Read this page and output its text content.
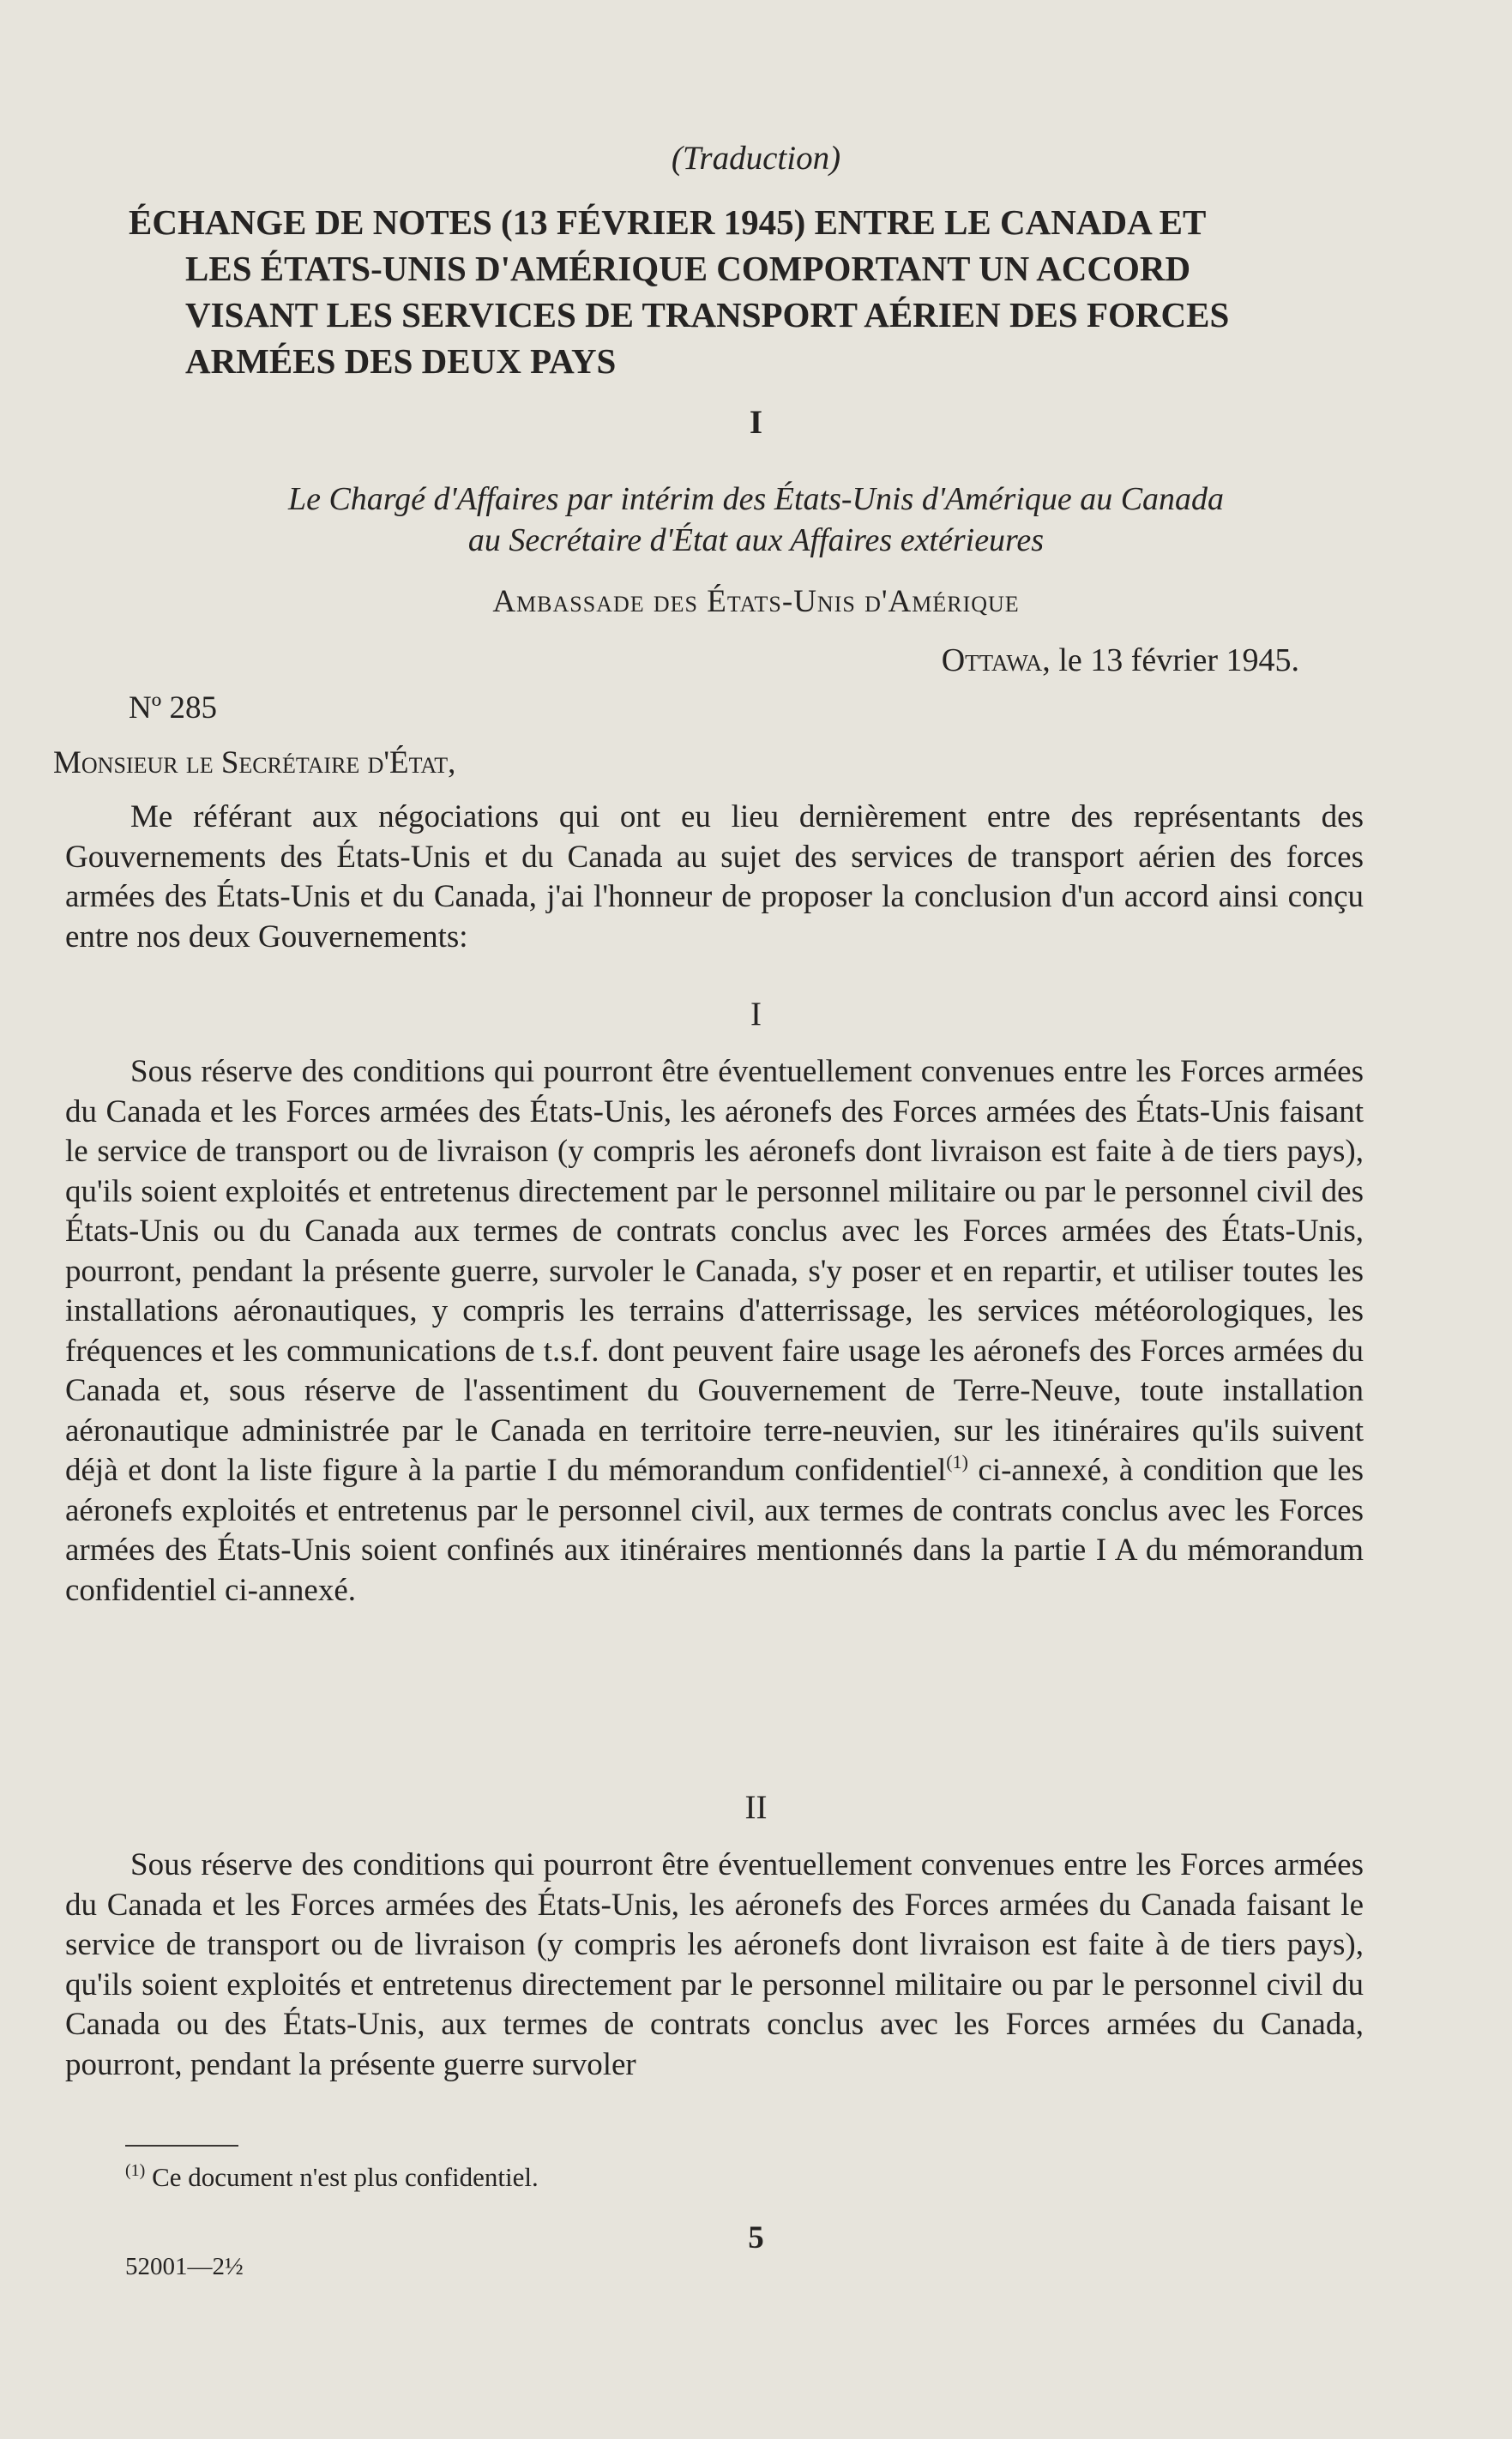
(Traduction)
ÉCHANGE DE NOTES (13 FÉVRIER 1945) ENTRE LE CANADA ET
LES ÉTATS-UNIS D'AMÉRIQUE COMPORTANT UN ACCORD
VISANT LES SERVICES DE TRANSPORT AÉRIEN DES FORCES
ARMÉES DES DEUX PAYS
I
Le Chargé d'Affaires par intérim des États-Unis d'Amérique au Canada
au Secrétaire d'État aux Affaires extérieures
Ambassade des États-Unis d'Amérique
Ottawa, le 13 février 1945.
Nº 285
Monsieur le Secrétaire d'État,

Me référant aux négociations qui ont eu lieu dernièrement entre des représentants des Gouvernements des États-Unis et du Canada au sujet des services de transport aérien des forces armées des États-Unis et du Canada, j'ai l'honneur de proposer la conclusion d'un accord ainsi conçu entre nos deux Gouvernements:

I

Sous réserve des conditions qui pourront être éventuellement convenues entre les Forces armées du Canada et les Forces armées des États-Unis, les aéronefs des Forces armées des États-Unis faisant le service de transport ou de livraison (y compris les aéronefs dont livraison est faite à de tiers pays), qu'ils soient exploités et entretenus directement par le personnel militaire ou par le personnel civil des États-Unis ou du Canada aux termes de contrats conclus avec les Forces armées des États-Unis, pourront, pendant la présente guerre, survoler le Canada, s'y poser et en repartir, et utiliser toutes les installations aéronautiques, y compris les terrains d'atterrissage, les services météorologiques, les fréquences et les communications de t.s.f. dont peuvent faire usage les aéronefs des Forces armées du Canada et, sous réserve de l'assentiment du Gouvernement de Terre-Neuve, toute installation aéronautique administrée par le Canada en territoire terre-neuvien, sur les itinéraires qu'ils suivent déjà et dont la liste figure à la partie I du mémorandum confidentiel$^{(1)}$ ci-annexé, à condition que les aéronefs exploités et entretenus par le personnel civil, aux termes de contrats conclus avec les Forces armées des États-Unis soient confinés aux itinéraires mentionnés dans la partie I A du mémorandum confidentiel ci-annexé.

II

Sous réserve des conditions qui pourront être éventuellement convenues entre les Forces armées du Canada et les Forces armées des États-Unis, les aéronefs des Forces armées du Canada faisant le service de transport ou de livraison (y compris les aéronefs dont livraison est faite à de tiers pays), qu'ils soient exploités et entretenus directement par le personnel militaire ou par le personnel civil du Canada ou des États-Unis, aux termes de contrats conclus avec les Forces armées du Canada, pourront, pendant la présente guerre survoler

$^{(1)}$ Ce document n'est plus confidentiel.
5
52001—2½
